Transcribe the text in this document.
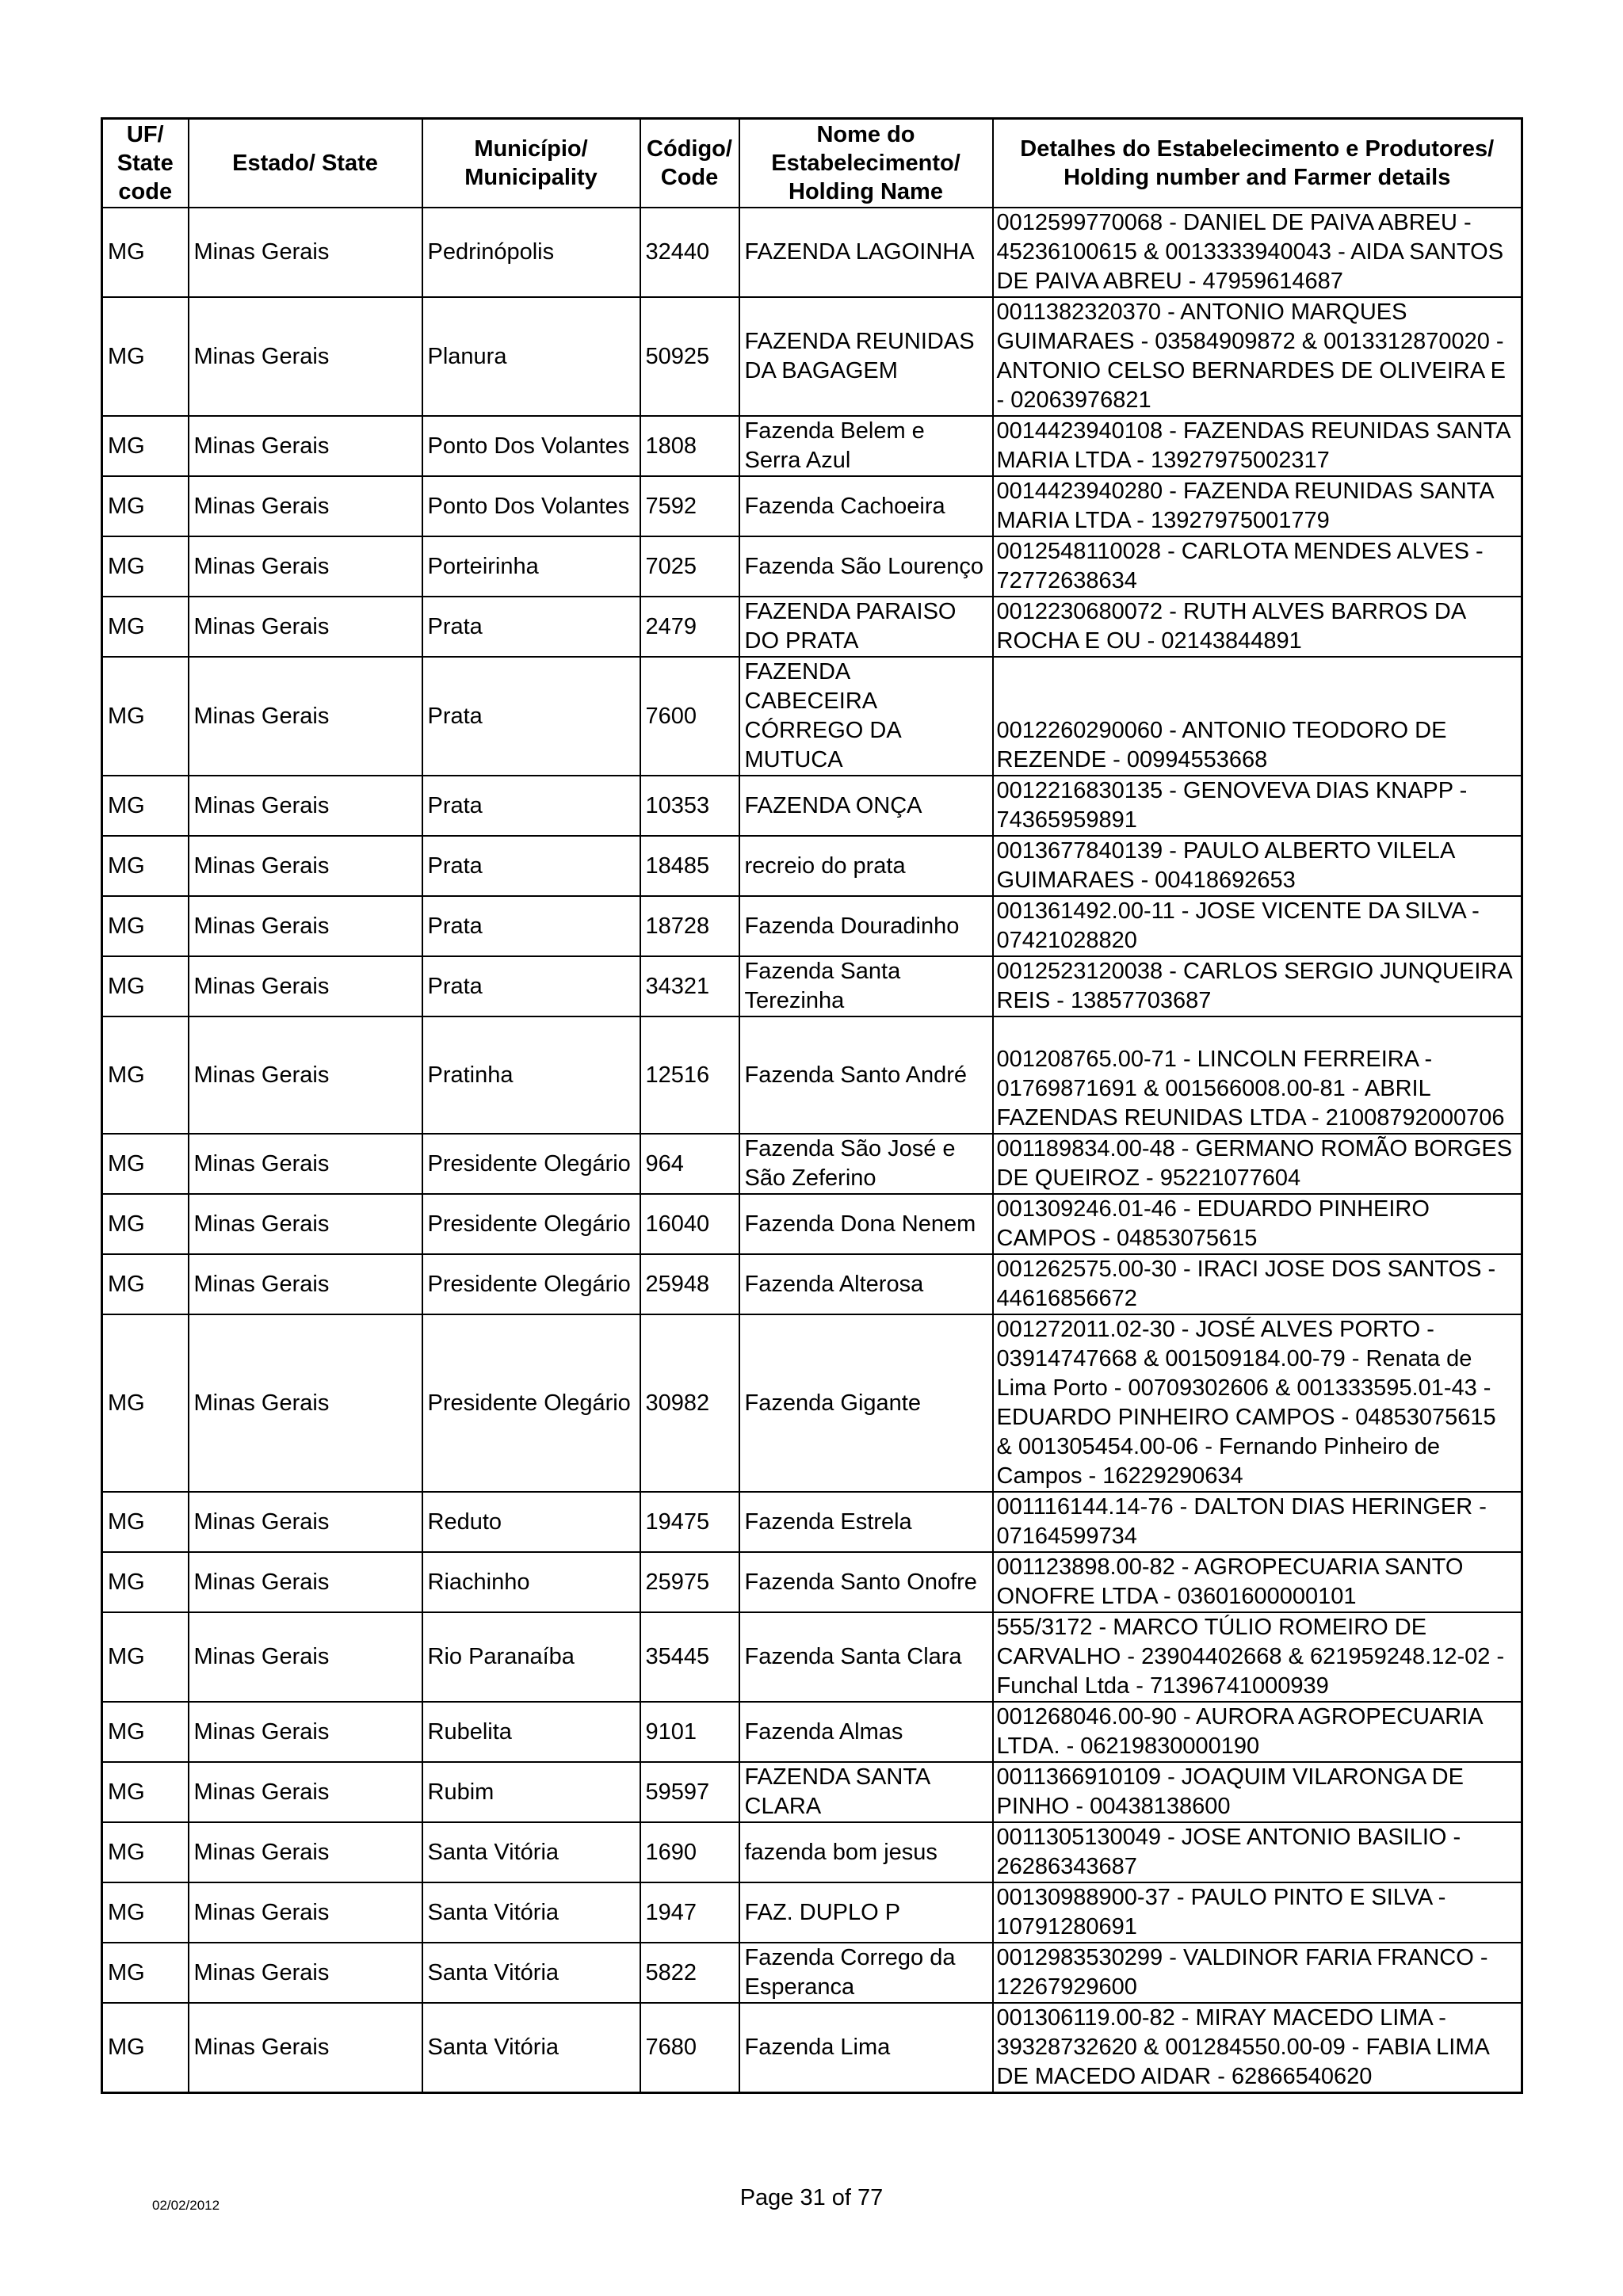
UF/ State code	Estado/ State	Município/ Municipality	Código/ Code	Nome do Estabelecimento/ Holding Name	Detalhes do Estabelecimento e Produtores/ Holding number and Farmer details
MG	Minas Gerais	Pedrinópolis	32440	FAZENDA LAGOINHA	0012599770068 - DANIEL DE PAIVA ABREU - 45236100615 & 0013333940043 - AIDA SANTOS DE PAIVA ABREU - 47959614687
MG	Minas Gerais	Planura	50925	FAZENDA REUNIDAS DA BAGAGEM	0011382320370 - ANTONIO MARQUES GUIMARAES - 03584909872 & 0013312870020 - ANTONIO CELSO BERNARDES DE OLIVEIRA E - 02063976821
MG	Minas Gerais	Ponto Dos Volantes	1808	Fazenda Belem e Serra Azul	0014423940108 - FAZENDAS REUNIDAS SANTA MARIA LTDA - 13927975002317
MG	Minas Gerais	Ponto Dos Volantes	7592	Fazenda Cachoeira	0014423940280 - FAZENDA REUNIDAS SANTA MARIA LTDA - 13927975001779
MG	Minas Gerais	Porteirinha	7025	Fazenda São Lourenço	0012548110028 - CARLOTA MENDES ALVES - 72772638634
MG	Minas Gerais	Prata	2479	FAZENDA PARAISO DO PRATA	0012230680072 - RUTH ALVES BARROS DA ROCHA E OU - 02143844891
MG	Minas Gerais	Prata	7600	FAZENDA CABECEIRA CÓRREGO DA MUTUCA	0012260290060 - ANTONIO TEODORO DE REZENDE - 00994553668
MG	Minas Gerais	Prata	10353	FAZENDA ONÇA	0012216830135 - GENOVEVA DIAS KNAPP - 74365959891
MG	Minas Gerais	Prata	18485	recreio do prata	0013677840139 - PAULO ALBERTO VILELA GUIMARAES - 00418692653
MG	Minas Gerais	Prata	18728	Fazenda Douradinho	001361492.00-11 - JOSE VICENTE DA SILVA - 07421028820
MG	Minas Gerais	Prata	34321	Fazenda Santa Terezinha	0012523120038 - CARLOS SERGIO JUNQUEIRA REIS - 13857703687
MG	Minas Gerais	Pratinha	12516	Fazenda Santo André	001208765.00-71 - LINCOLN FERREIRA - 01769871691 & 001566008.00-81 - ABRIL FAZENDAS REUNIDAS LTDA - 21008792000706
MG	Minas Gerais	Presidente Olegário	964	Fazenda São José e São Zeferino	001189834.00-48 - GERMANO ROMÃO BORGES DE QUEIROZ - 95221077604
MG	Minas Gerais	Presidente Olegário	16040	Fazenda Dona Nenem	001309246.01-46 - EDUARDO PINHEIRO CAMPOS - 04853075615
MG	Minas Gerais	Presidente Olegário	25948	Fazenda Alterosa	001262575.00-30 - IRACI JOSE DOS SANTOS - 44616856672
MG	Minas Gerais	Presidente Olegário	30982	Fazenda Gigante	001272011.02-30 - JOSÉ ALVES PORTO - 03914747668 & 001509184.00-79 - Renata de Lima Porto - 00709302606 & 001333595.01-43 - EDUARDO PINHEIRO CAMPOS - 04853075615 & 001305454.00-06 - Fernando Pinheiro de Campos - 16229290634
MG	Minas Gerais	Reduto	19475	Fazenda Estrela	001116144.14-76 - DALTON DIAS HERINGER - 07164599734
MG	Minas Gerais	Riachinho	25975	Fazenda Santo Onofre	001123898.00-82 - AGROPECUARIA SANTO ONOFRE LTDA - 03601600000101
MG	Minas Gerais	Rio Paranaíba	35445	Fazenda Santa Clara	555/3172 - MARCO TÚLIO ROMEIRO DE CARVALHO - 23904402668 & 621959248.12-02 - Funchal Ltda - 71396741000939
MG	Minas Gerais	Rubelita	9101	Fazenda Almas	001268046.00-90 - AURORA AGROPECUARIA LTDA. - 06219830000190
MG	Minas Gerais	Rubim	59597	FAZENDA SANTA CLARA	0011366910109 - JOAQUIM VILARONGA DE PINHO - 00438138600
MG	Minas Gerais	Santa Vitória	1690	fazenda bom jesus	0011305130049 - JOSE ANTONIO BASILIO - 26286343687
MG	Minas Gerais	Santa Vitória	1947	FAZ. DUPLO P	00130988900-37 - PAULO PINTO E SILVA - 10791280691
MG	Minas Gerais	Santa Vitória	5822	Fazenda Corrego da Esperanca	0012983530299 - VALDINOR FARIA FRANCO - 12267929600
MG	Minas Gerais	Santa Vitória	7680	Fazenda Lima	001306119.00-82 - MIRAY MACEDO LIMA - 39328732620 & 001284550.00-09 - FABIA LIMA DE MACEDO AIDAR - 62866540620
02/02/2012	Page 31 of 77
